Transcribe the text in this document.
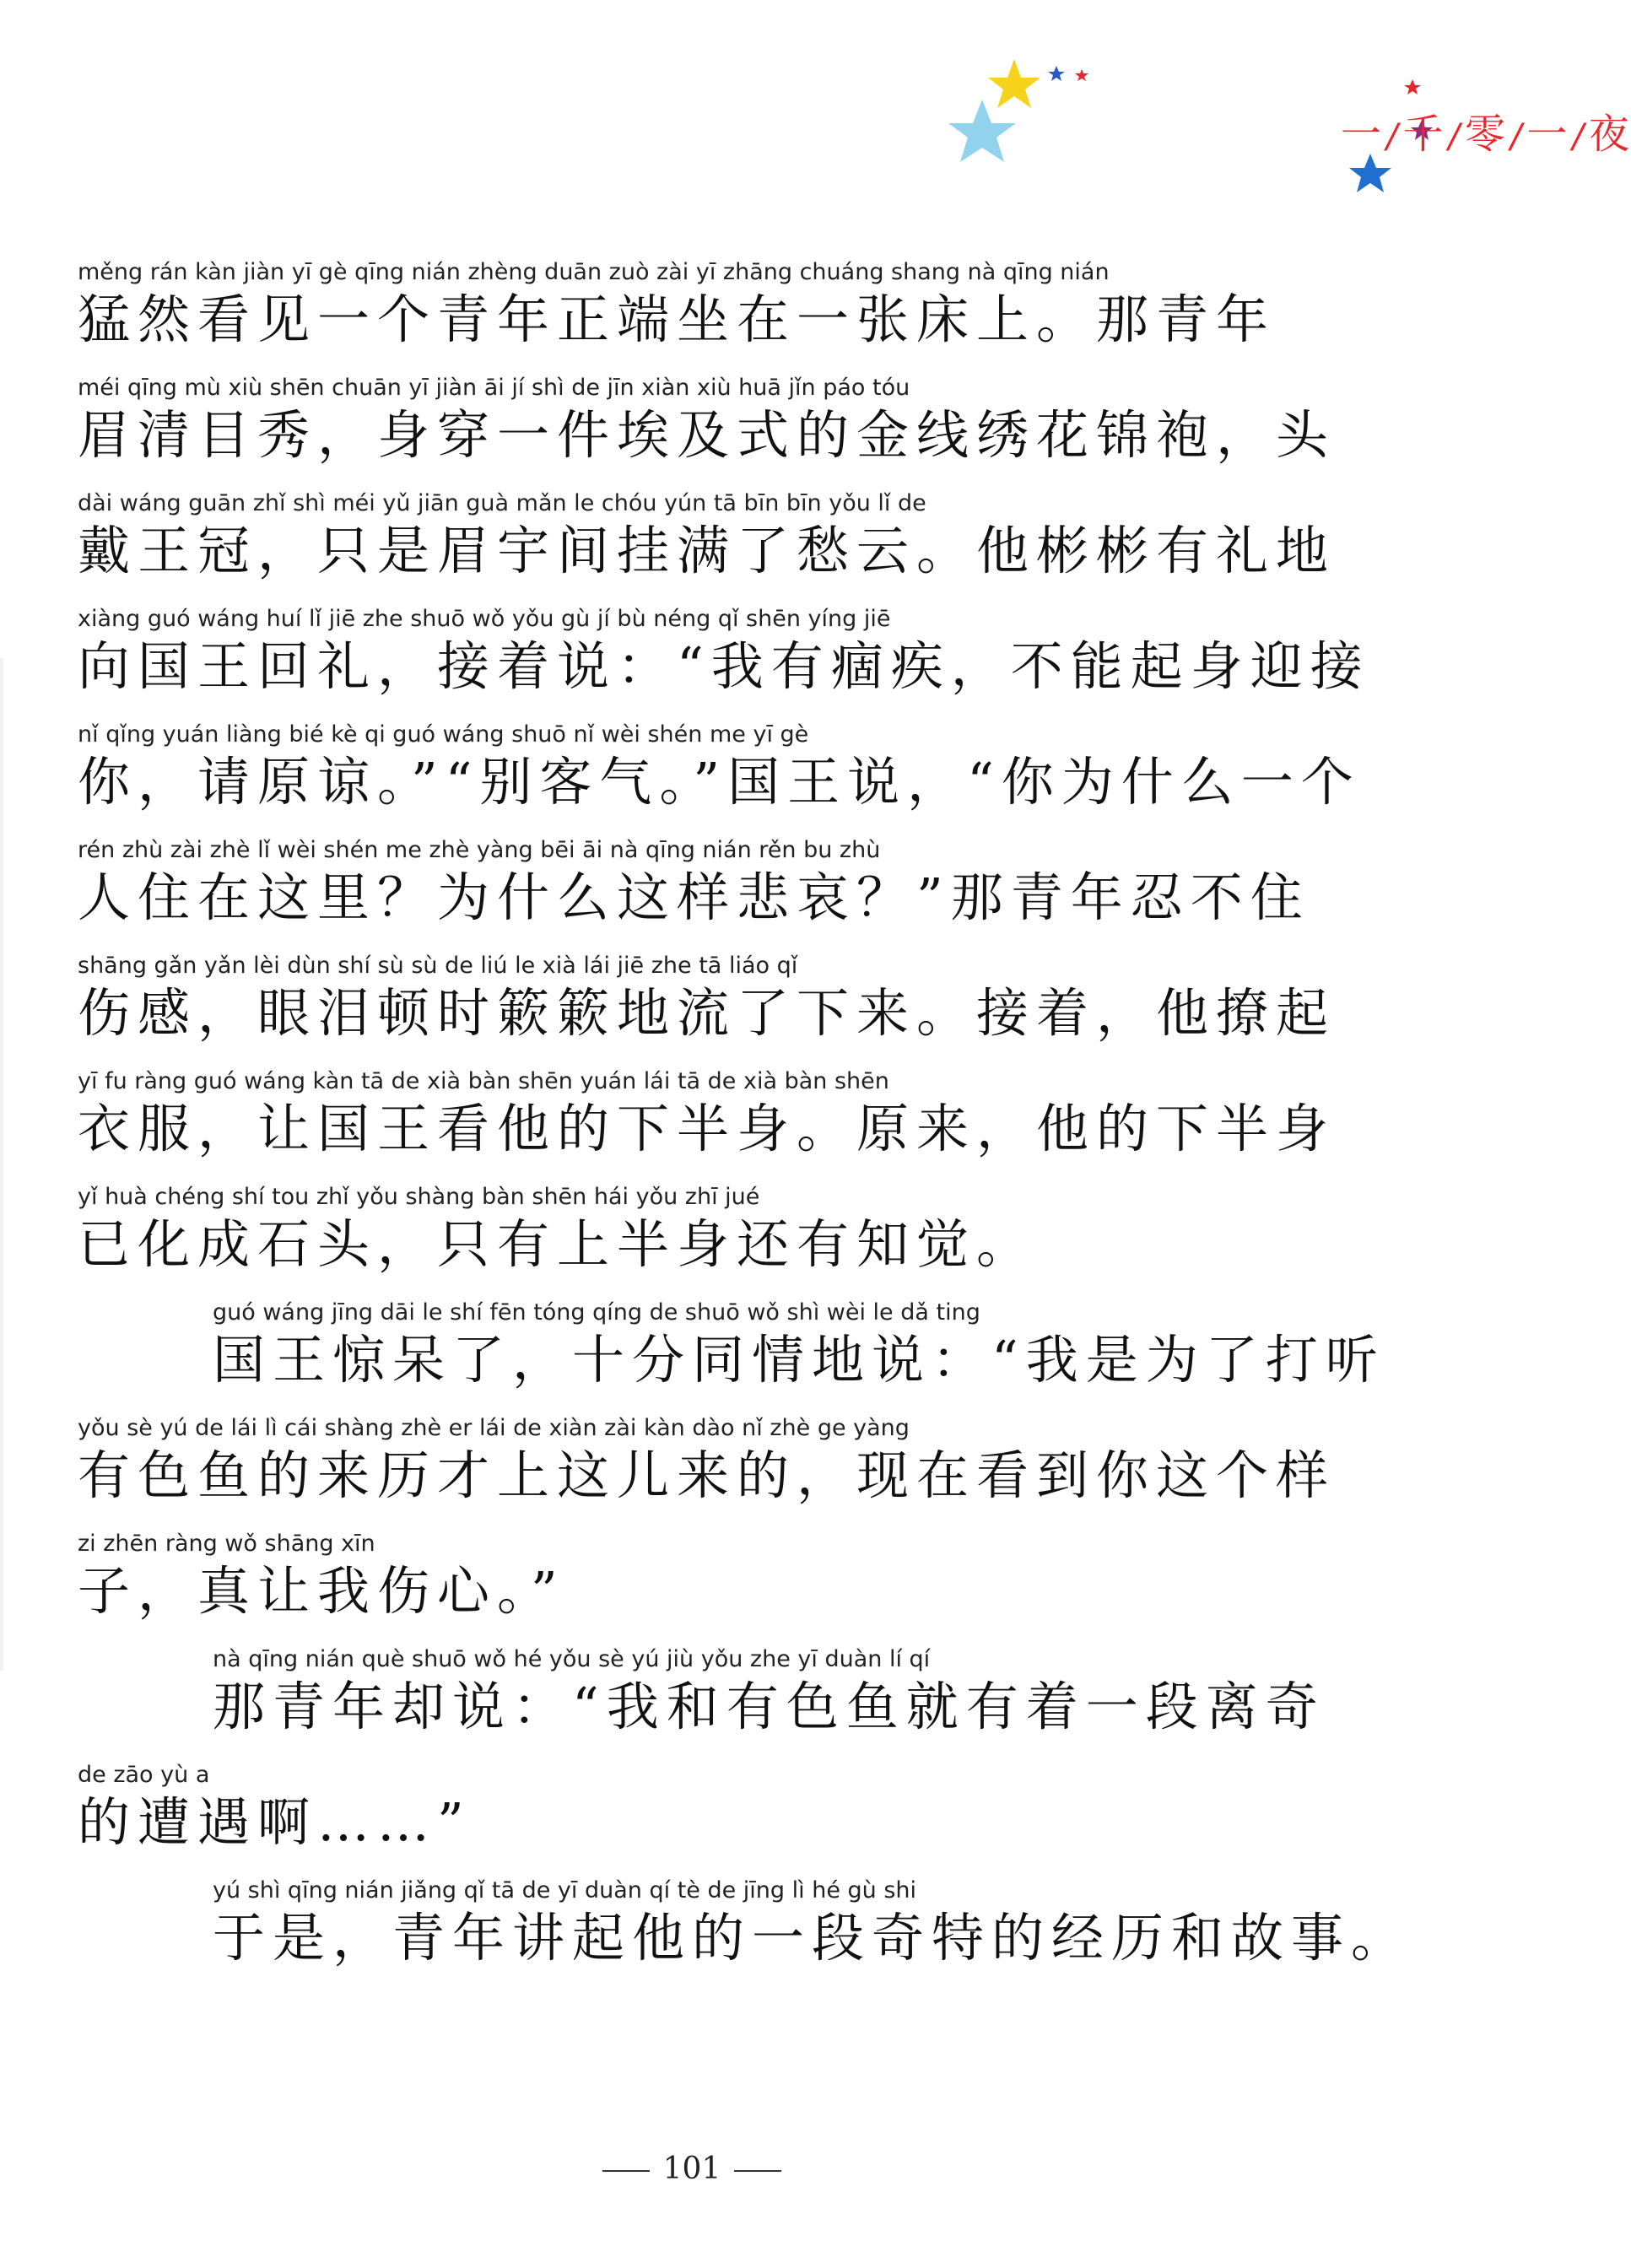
一 /千 /零 /一 /夜
měng rán kàn jiàn yī gè qīng nián zhèng duān zuò zài yī zhāng chuáng shang nà qīng nián
猛然看见一个青年正端坐在一张床上。那青年
méi qīng mù xiù shēn chuān yī jiàn āi jí shì de jīn xiàn xiù huā jǐn páo tóu
眉清目秀，身穿一件埃及式的金线绣花锦袍，头
dài wáng guān zhǐ shì méi yǔ jiān guà mǎn le chóu yún tā bīn bīn yǒu lǐ de
戴王冠，只是眉宇间挂满了愁云。他彬彬有礼地
xiàng guó wáng huí lǐ jiē zhe shuō wǒ yǒu gù jí bù néng qǐ shēn yíng jiē
向国王回礼，接着说：“我有痼疾，不能起身迎接
nǐ qǐng yuán liàng bié kè qi guó wáng shuō nǐ wèi shén me yī gè
你，请原谅。”“别客气。”国王说，“你为什么一个
rén zhù zài zhè lǐ wèi shén me zhè yàng bēi āi nà qīng nián rěn bu zhù
人住在这里？为什么这样悲哀？”那青年忍不住
shāng gǎn yǎn lèi dùn shí sù sù de liú le xià lái jiē zhe tā liáo qǐ
伤感，眼泪顿时簌簌地流了下来。接着，他撩起
yī fu ràng guó wáng kàn tā de xià bàn shēn yuán lái tā de xià bàn shēn
衣服，让国王看他的下半身。原来，他的下半身
yǐ huà chéng shí tou zhǐ yǒu shàng bàn shēn hái yǒu zhī jué
已化成石头，只有上半身还有知觉。
guó wáng jīng dāi le shí fēn tóng qíng de shuō wǒ shì wèi le dǎ ting
国王惊呆了，十分同情地说：“我是为了打听
yǒu sè yú de lái lì cái shàng zhè er lái de xiàn zài kàn dào nǐ zhè ge yàng
有色鱼的来历才上这儿来的，现在看到你这个样
zi zhēn ràng wǒ shāng xīn
子，真让我伤心。”
nà qīng nián què shuō wǒ hé yǒu sè yú jiù yǒu zhe yī duàn lí qí
那青年却说：“我和有色鱼就有着一段离奇
de zāo yù a
的遭遇啊……”
yú shì qīng nián jiǎng qǐ tā de yī duàn qí tè de jīng lì hé gù shi
于是，青年讲起他的一段奇特的经历和故事。
101
